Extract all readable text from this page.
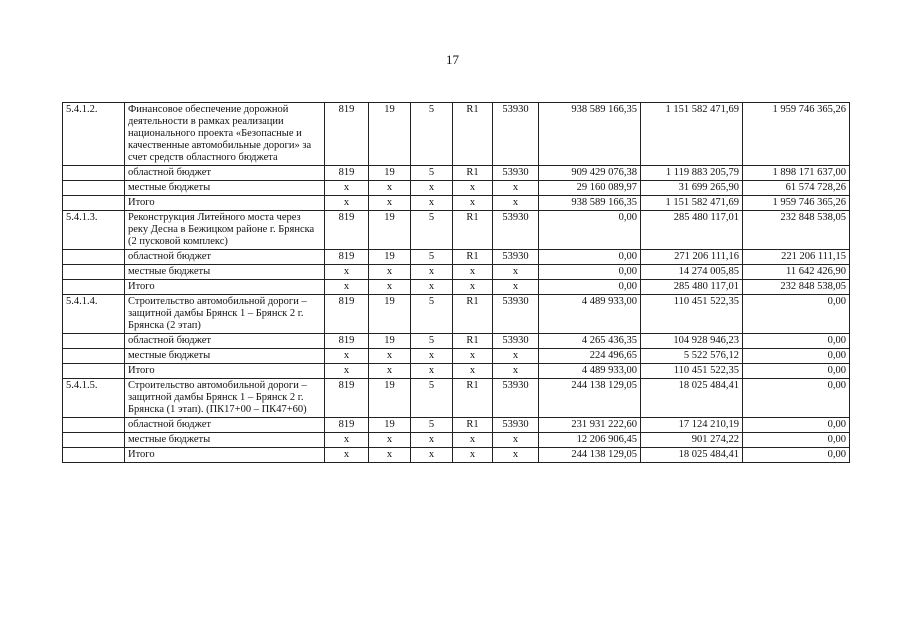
17
5.4.1.2.	Финансовое обеспечение дорожной деятельности в рамках реализации национального проекта «Безопасные и качественные автомобильные дороги» за счет средств областного бюджета	819	19	5	R1	53930	938 589 166,35	1 151 582 471,69	1 959 746 365,26
	областной бюджет	819	19	5	R1	53930	909 429 076,38	1 119 883 205,79	1 898 171 637,00
	местные бюджеты	x	x	x	x	x	29 160 089,97	31 699 265,90	61 574 728,26
	Итого	x	x	x	x	x	938 589 166,35	1 151 582 471,69	1 959 746 365,26
5.4.1.3.	Реконструкция Литейного моста через реку Десна в Бежицком районе г. Брянска (2 пусковой комплекс)	819	19	5	R1	53930	0,00	285 480 117,01	232 848 538,05
	областной бюджет	819	19	5	R1	53930	0,00	271 206 111,16	221 206 111,15
	местные бюджеты	x	x	x	x	x	0,00	14 274 005,85	11 642 426,90
	Итого	x	x	x	x	x	0,00	285 480 117,01	232 848 538,05
5.4.1.4.	Строительство автомобильной дороги – защитной дамбы Брянск 1 – Брянск 2 г. Брянска (2 этап)	819	19	5	R1	53930	4 489 933,00	110 451 522,35	0,00
	областной бюджет	819	19	5	R1	53930	4 265 436,35	104 928 946,23	0,00
	местные бюджеты	x	x	x	x	x	224 496,65	5 522 576,12	0,00
	Итого	x	x	x	x	x	4 489 933,00	110 451 522,35	0,00
5.4.1.5.	Строительство автомобильной дороги – защитной дамбы Брянск 1 – Брянск 2 г. Брянска (1 этап). (ПК17+00 – ПК47+60)	819	19	5	R1	53930	244 138 129,05	18 025 484,41	0,00
	областной бюджет	819	19	5	R1	53930	231 931 222,60	17 124 210,19	0,00
	местные бюджеты	x	x	x	x	x	12 206 906,45	901 274,22	0,00
	Итого	x	x	x	x	x	244 138 129,05	18 025 484,41	0,00
